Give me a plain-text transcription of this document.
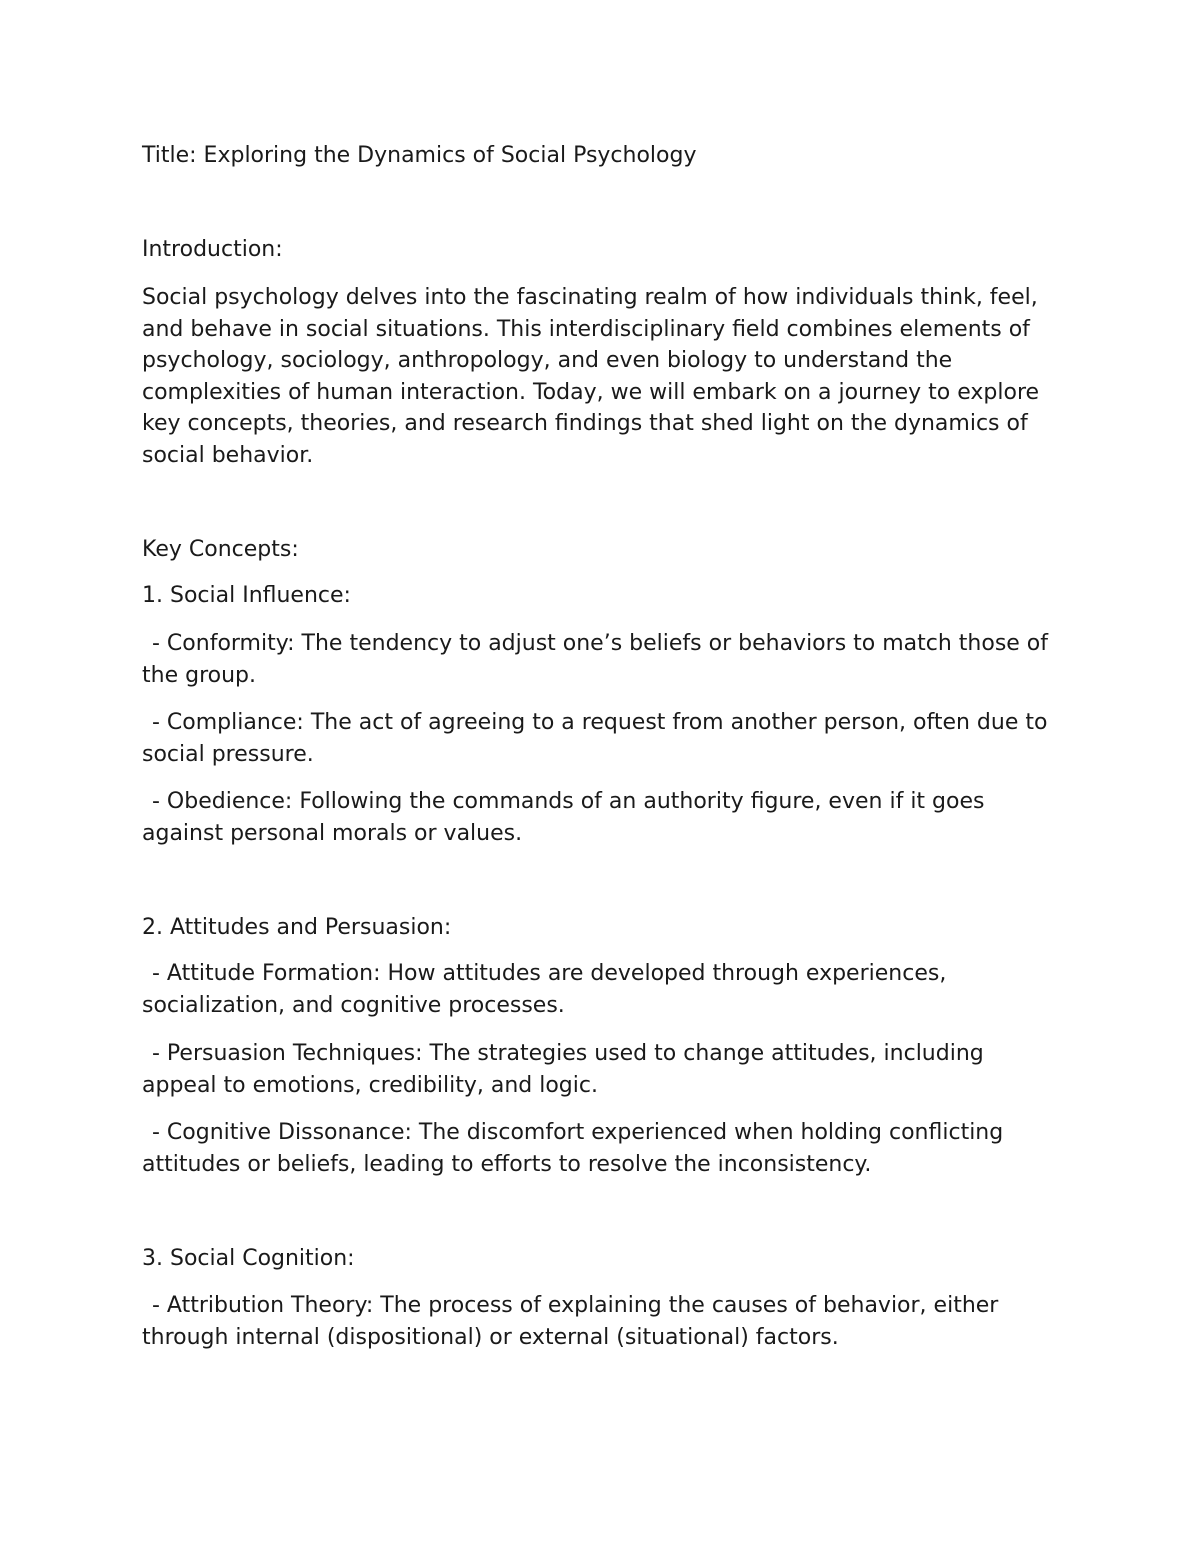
Title: Exploring the Dynamics of Social Psychology
Introduction:

Social psychology delves into the fascinating realm of how individuals think, feel, and behave in social situations. This interdisciplinary field combines elements of psychology, sociology, anthropology, and even biology to understand the complexities of human interaction. Today, we will embark on a journey to explore key concepts, theories, and research findings that shed light on the dynamics of social behavior.

Key Concepts:
1. Social Influence:

- Conformity: The tendency to adjust one’s beliefs or behaviors to match those of the group.

- Compliance: The act of agreeing to a request from another person, often due to social pressure.

- Obedience: Following the commands of an authority figure, even if it goes against personal morals or values.

2. Attitudes and Persuasion:

- Attitude Formation: How attitudes are developed through experiences, socialization, and cognitive processes.

- Persuasion Techniques: The strategies used to change attitudes, including appeal to emotions, credibility, and logic.

- Cognitive Dissonance: The discomfort experienced when holding conflicting attitudes or beliefs, leading to efforts to resolve the inconsistency.

3. Social Cognition:

- Attribution Theory: The process of explaining the causes of behavior, either through internal (dispositional) or external (situational) factors.
